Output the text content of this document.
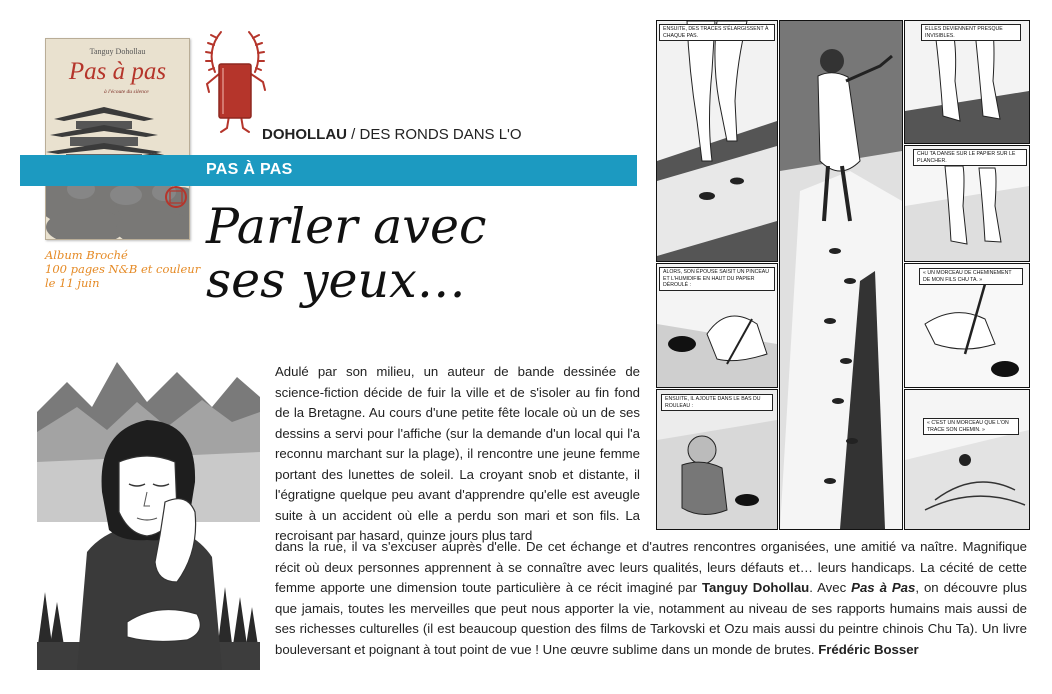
Tanguy Dohollau
Pas à pas
à l'écoute du silence
Album Broché
100 pages N&B et couleur
le 11 juin
DOHOLLAU / DES RONDS DANS L'O
PAS À PAS
Parler avec
ses yeux…

Adulé par son milieu, un auteur de bande dessinée de science-fiction décide de fuir la ville et de s'isoler au fin fond de la Bretagne. Au cours d'une petite fête locale où un de ses dessins a servi pour l'affiche (sur la demande d'un local qui l'a reconnu marchant sur la plage), il rencontre une jeune femme portant des lunettes de soleil. La croyant snob et distante, il l'égratigne quelque peu avant d'apprendre qu'elle est aveugle suite à un accident où elle a perdu son mari et son fils. La recroisant par hasard, quinze jours plus tard

dans la rue, il va s'excuser auprès d'elle. De cet échange et d'autres rencontres organisées, une amitié va naître. Magnifique récit où deux personnes apprennent à se connaître avec leurs qualités, leurs défauts et… leurs handicaps. La cécité de cette femme apporte une dimension toute particulière à ce récit imaginé par Tanguy Dohollau. Avec Pas à Pas, on découvre plus que jamais, toutes les merveilles que peut nous apporter la vie, notamment au niveau de ses rapports humains mais aussi de ses richesses culturelles (il est beaucoup question des films de Tarkovski et Ozu mais aussi du peintre chinois Chu Ta). Un livre bouleversant et poignant à tout point de vue ! Une œuvre sublime dans un monde de brutes. Frédéric Bosser

ENSUITE, DES TRACES S'ÉLARGISSENT À CHAQUE PAS.
ELLES DEVIENNENT PRESQUE INVISIBLES.
CHU TA DANSE SUR LE PAPIER SUR LE PLANCHER.
ALORS, SON ÉPOUSE SAISIT UN PINCEAU ET L'HUMIDIFIE EN HAUT DU PAPIER DÉROULÉ :
« UN MORCEAU DE CHEMINEMENT DE MON FILS CHU TA. »
ENSUITE, IL AJOUTE DANS LE BAS DU ROULEAU :
« C'EST UN MORCEAU QUE L'ON TRACE SON CHEMIN. »
